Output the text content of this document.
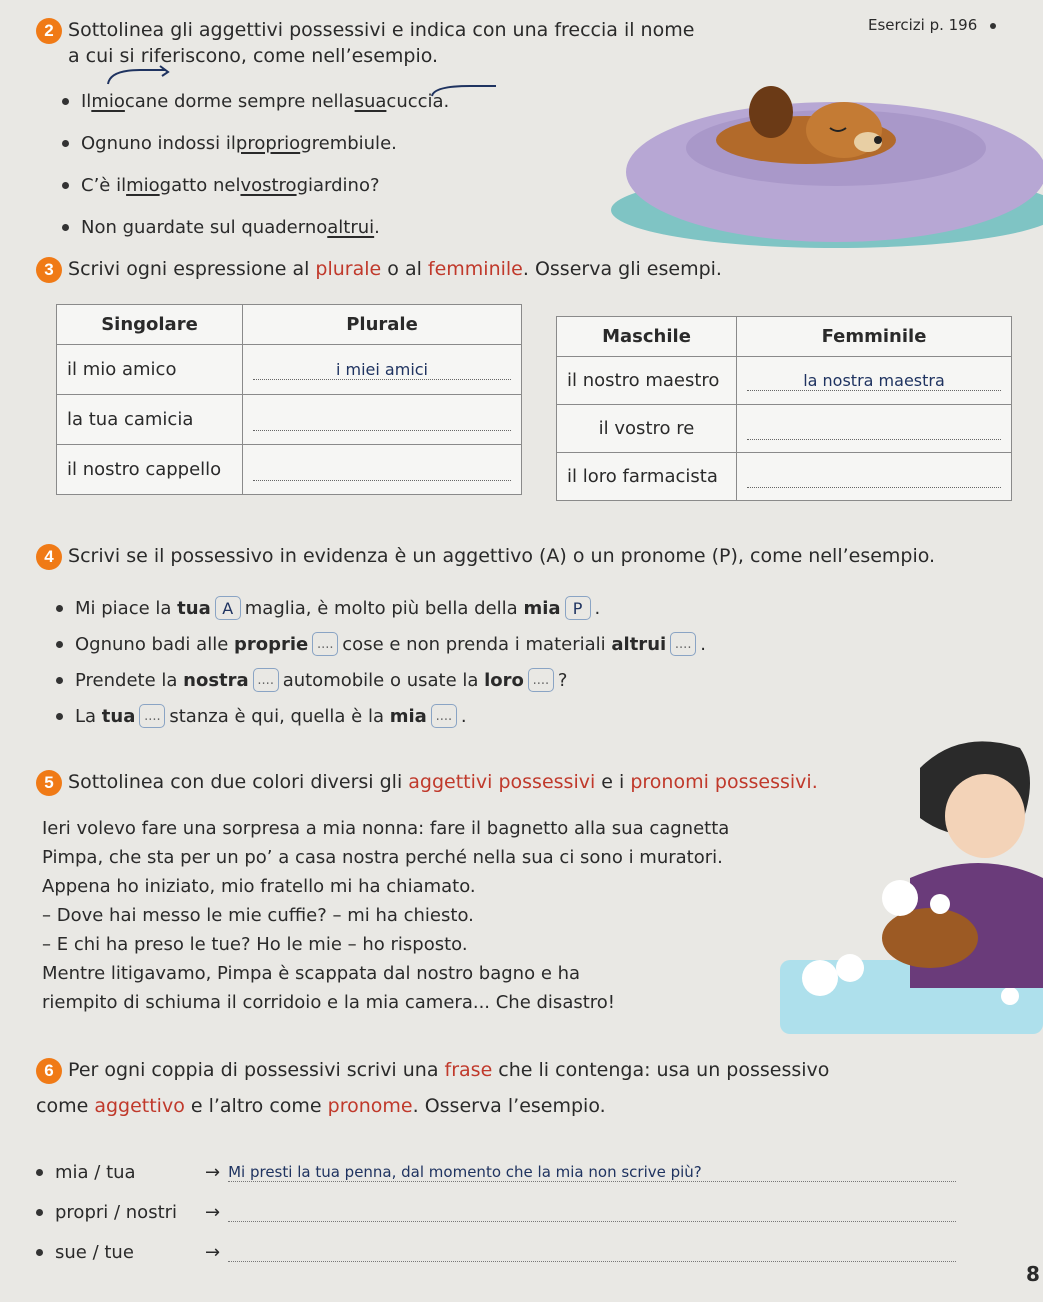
Esercizi p. 196
2 Sottolinea gli aggettivi possessivi e indica con una freccia il nome
a cui si riferiscono, come nell’esempio.
Il mio cane dorme sempre nella sua cuccia.
Ognuno indossi il proprio grembiule.
C’è il mio gatto nel vostro giardino?
Non guardate sul quaderno altrui .
3 Scrivi ogni espressione al plurale o al femminile. Osserva gli esempi.
Singolare	Plurale
il mio amico	i miei amici

la tua camicia	

il nostro cappello	
Maschile	Femminile
il nostro maestro	la nostra maestra

il vostro re	

il loro farmacista	
4 Scrivi se il possessivo in evidenza è un aggettivo (A) o un pronome (P), come nell’esempio.
Mi piace la
tua A maglia, è molto più bella della
mia P .
Ognuno badi alle
proprie .... cose e non prenda i materiali
altrui .... .
Prendete la
nostra .... automobile o usate la
loro .... ?
La
tua .... stanza è qui, quella è la
mia .... .
5 Sottolinea con due colori diversi gli aggettivi possessivi e i pronomi possessivi.
Ieri volevo fare una sorpresa a mia nonna: fare il bagnetto alla sua cagnetta
Pimpa, che sta per un po’ a casa nostra perché nella sua ci sono i muratori.
Appena ho iniziato, mio fratello mi ha chiamato.
– Dove hai messo le mie cuffie? – mi ha chiesto.
– E chi ha preso le tue? Ho le mie – ho risposto.
Mentre litigavamo, Pimpa è scappata dal nostro bagno e ha
riempito di schiuma il corridoio e la mia camera... Che disastro!
6 Per ogni coppia di possessivi scrivi una frase che li contenga: usa un possessivo
come aggettivo e l’altro come pronome. Osserva l’esempio.
mia / tua	→ Mi presti la tua penna, dal momento che la mia non scrive più?
propri / nostri	→
sue / tue	→
8
